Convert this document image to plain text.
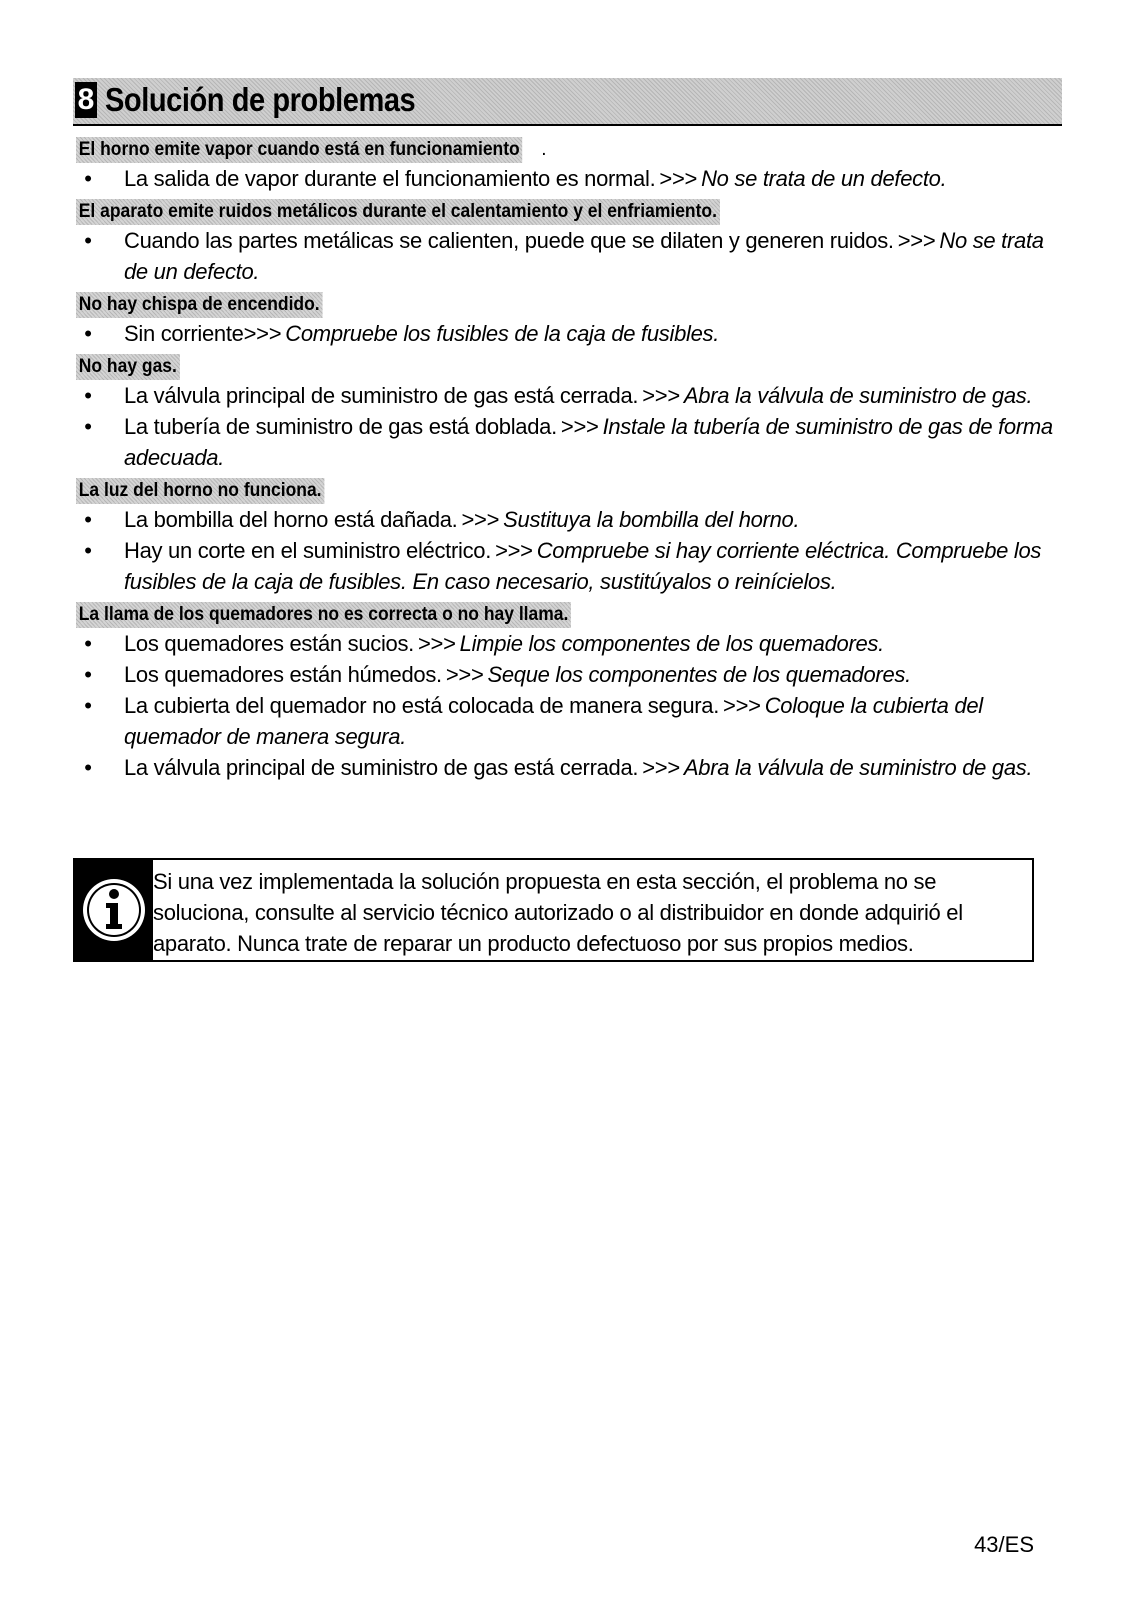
8 Solución de problemas
El horno emite vapor cuando está en funcionamiento .
• La salida de vapor durante el funcionamiento es normal. >>> No se trata de un defecto.
El aparato emite ruidos metálicos durante el calentamiento y el enfriamiento.
• Cuando las partes metálicas se calienten, puede que se dilaten y generen ruidos. >>> No se trata de un defecto.
No hay chispa de encendido.
• Sin corriente>>> Compruebe los fusibles de la caja de fusibles.
No hay gas.
• La válvula principal de suministro de gas está cerrada. >>> Abra la válvula de suministro de gas.
• La tubería de suministro de gas está doblada. >>> Instale la tubería de suministro de gas de forma adecuada.
La luz del horno no funciona.
• La bombilla del horno está dañada. >>> Sustituya la bombilla del horno.
• Hay un corte en el suministro eléctrico. >>> Compruebe si hay corriente eléctrica. Compruebe los fusibles de la caja de fusibles. En caso necesario, sustitúyalos o reinícielos.
La llama de los quemadores no es correcta o no hay llama.
• Los quemadores están sucios. >>> Limpie los componentes de los quemadores.
• Los quemadores están húmedos. >>> Seque los componentes de los quemadores.
• La cubierta del quemador no está colocada de manera segura. >>> Coloque la cubierta del quemador de manera segura.
• La válvula principal de suministro de gas está cerrada. >>> Abra la válvula de suministro de gas.
Si una vez implementada la solución propuesta en esta sección, el problema no se soluciona, consulte al servicio técnico autorizado o al distribuidor en donde adquirió el aparato. Nunca trate de reparar un producto defectuoso por sus propios medios.
43/ES
